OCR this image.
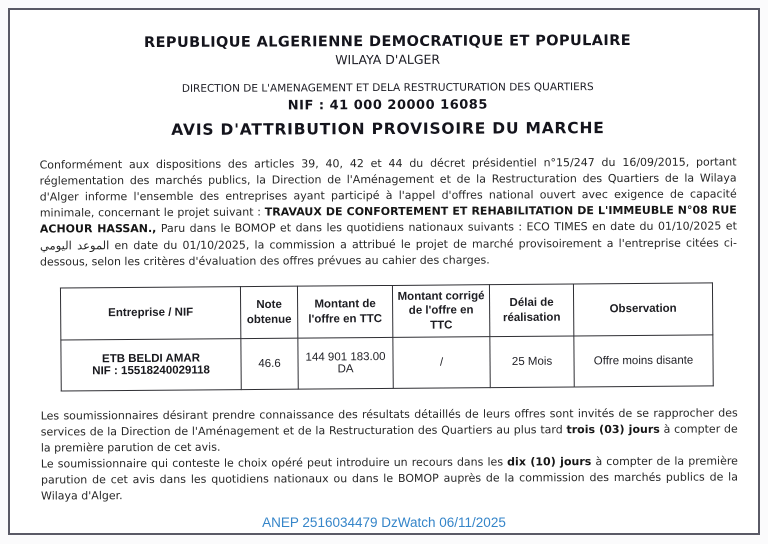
REPUBLIQUE ALGERIENNE DEMOCRATIQUE ET POPULAIRE
WILAYA D'ALGER
DIRECTION DE L'AMENAGEMENT ET DELA RESTRUCTURATION DES QUARTIERS
NIF : 41 000 20000 16085
AVIS D'ATTRIBUTION PROVISOIRE DU MARCHE

Conformément aux dispositions des articles 39, 40, 42 et 44 du décret présidentiel n°15/247 du 16/09/2015, portant réglementation des marchés publics, la Direction de l'Aménagement et de la Restructuration des Quartiers de la Wilaya d'Alger informe l'ensemble des entreprises ayant participé à l'appel d'offres national ouvert avec exigence de capacité minimale, concernant le projet suivant : TRAVAUX DE CONFORTEMENT ET REHABILITATION DE L'IMMEUBLE N°08 RUE ACHOUR HASSAN., Paru dans le BOMOP et dans les quotidiens nationaux suivants : ECO TIMES en date du 01/10/2025 et الموعد اليومي en date du 01/10/2025, la commission a attribué le projet de marché provisoirement a l'entreprise citées ci-dessous, selon les critères d'évaluation des offres prévues au cahier des charges.

Entreprise / NIF	Note obtenue	Montant de l'offre en TTC	Montant corrigé de l'offre en TTC	Délai de réalisation	Observation

ETB BELDI AMAR
NIF : 15518240029118	46.6	144 901 183.00 DA	/	25 Mois	Offre moins disante

Les soumissionnaires désirant prendre connaissance des résultats détaillés de leurs offres sont invités de se rapprocher des services de la Direction de l'Aménagement et de la Restructuration des Quartiers au plus tard trois (03) jours à compter de la première parution de cet avis.

Le soumissionnaire qui conteste le choix opéré peut introduire un recours dans les dix (10) jours à compter de la première parution de cet avis dans les quotidiens nationaux ou dans le BOMOP auprès de la commission des marchés publics de la Wilaya d'Alger.

ANEP 2516034479 DzWatch 06/11/2025
